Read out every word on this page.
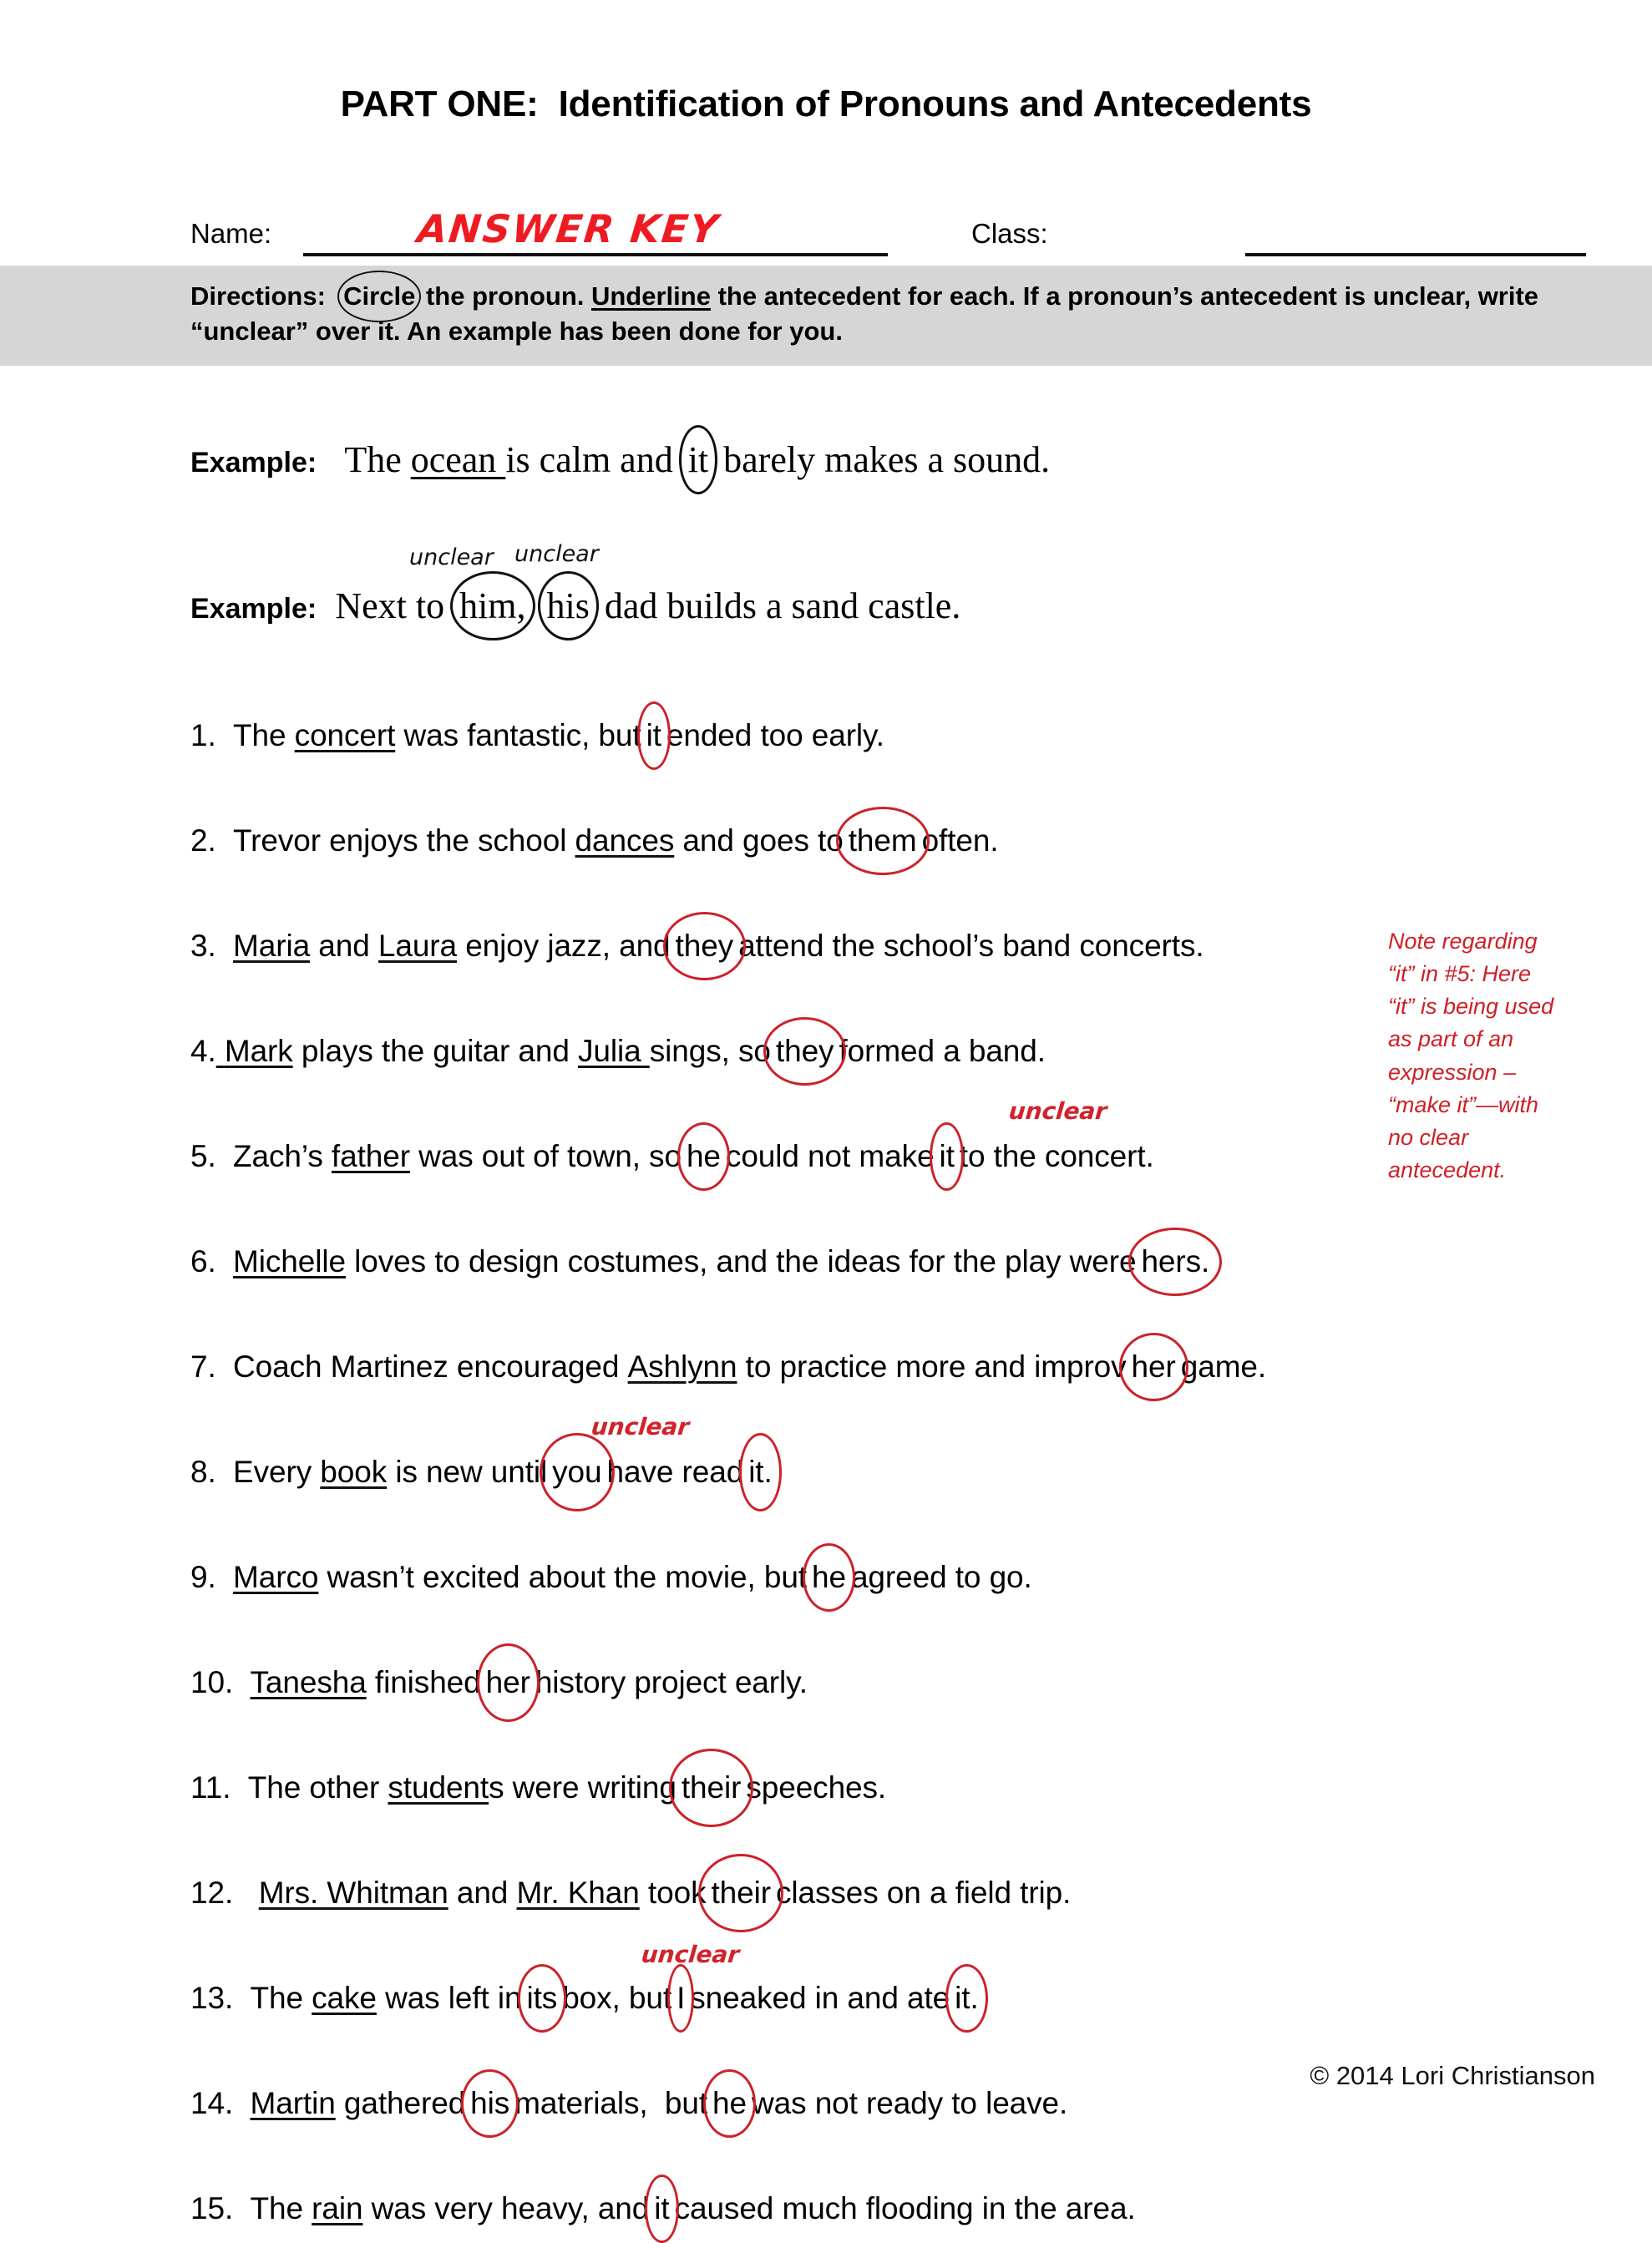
PART ONE:  Identification of Pronouns and Antecedents
Name:	ANSWER KEY	Class:
Directions: Circle the pronoun. Underline the antecedent for each. If a pronoun’s antecedent is unclear, write “unclear” over it. An example has been done for you.
Example: The ocean is calm and it barely makes a sound.
unclear unclear
Example: Next to him, his dad builds a sand castle.
1.  The concert was fantastic, but it ended too early.
2.  Trevor enjoys the school dances and goes to them often.
3. Maria and Laura enjoy jazz, and they attend the school’s band concerts.
4. Mark plays the guitar and Julia sings, so they formed a band.
unclear
5.  Zach’s father was out of town, so he could not make it to the concert.
6. Michelle loves to design costumes, and the ideas for the play were hers.
7.  Coach Martinez encouraged Ashlynn to practice more and improv her game.
unclear
8.  Every book is new until you have read it.
9. Marco wasn’t excited about the movie, but he agreed to go.
10. Tanesha finished her history project early.
11.  The other students were writing their speeches.
12. Mrs. Whitman and Mr. Khan took their classes on a field trip.
unclear
13.  The cake was left in its box, but I sneaked in and ate it.
14. Martin gathered his materials,  but he was not ready to leave.
15.  The rain was very heavy, and it caused much flooding in the area.
Note regarding
“it” in #5: Here
“it” is being used
as part of an
expression –
“make it”—with
no clear
antecedent.
© 2014 Lori Christianson
